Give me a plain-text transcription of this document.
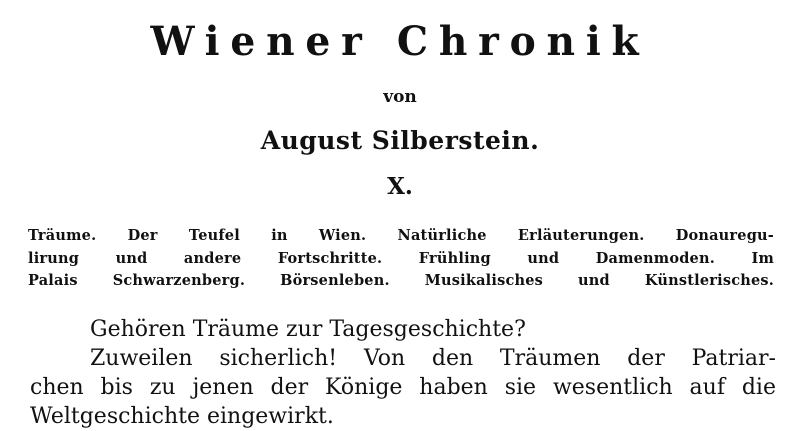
Wiener Chronik
von
August Silberstein.
X.
Träume. Der Teufel in Wien. Natürliche Erläuterungen. Donauregu-
lirung und andere Fortschritte. Frühling und Damenmoden. Im
Palais Schwarzenberg. Börsenleben. Musikalisches und Künstlerisches.
Gehören Träume zur Tagesgeschichte?
Zuweilen sicherlich! Von den Träumen der Patriar-
chen bis zu jenen der Könige haben sie wesentlich auf die
Weltgeschichte eingewirkt.
